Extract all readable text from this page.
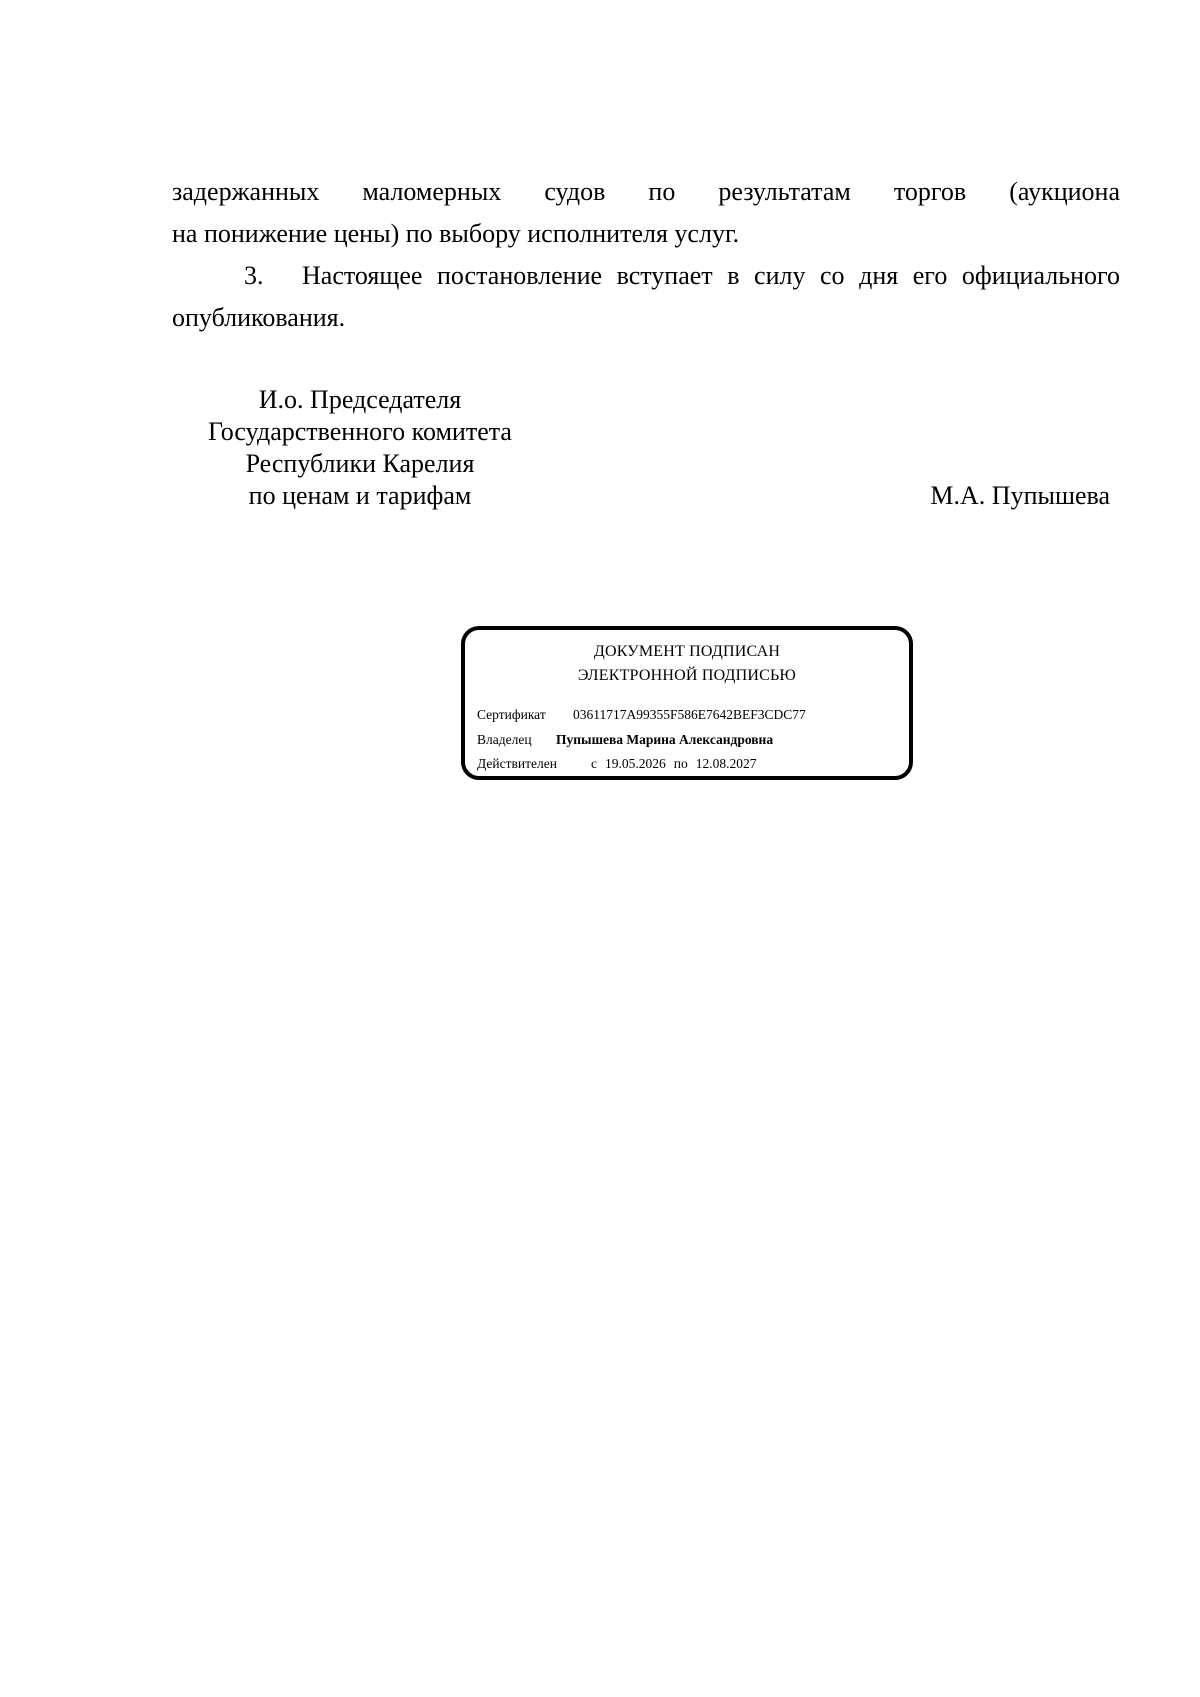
задержанных маломерных судов по результатам торгов (аукциона
на понижение цены) по выбору исполнителя услуг.
3.	Настоящее постановление вступает в силу со дня его официального
опубликования.
И.о. Председателя
Государственного комитета
Республики Карелия
по ценам и тарифам	М.А. Пупышева
ДОКУМЕНТ ПОДПИСАН
ЭЛЕКТРОННОЙ ПОДПИСЬЮ
Сертификат 03611717A99355F586E7642BEF3CDC77
Владелец Пупышева Марина Александровна
Действителен	с 19.05.2026 по 12.08.2027
